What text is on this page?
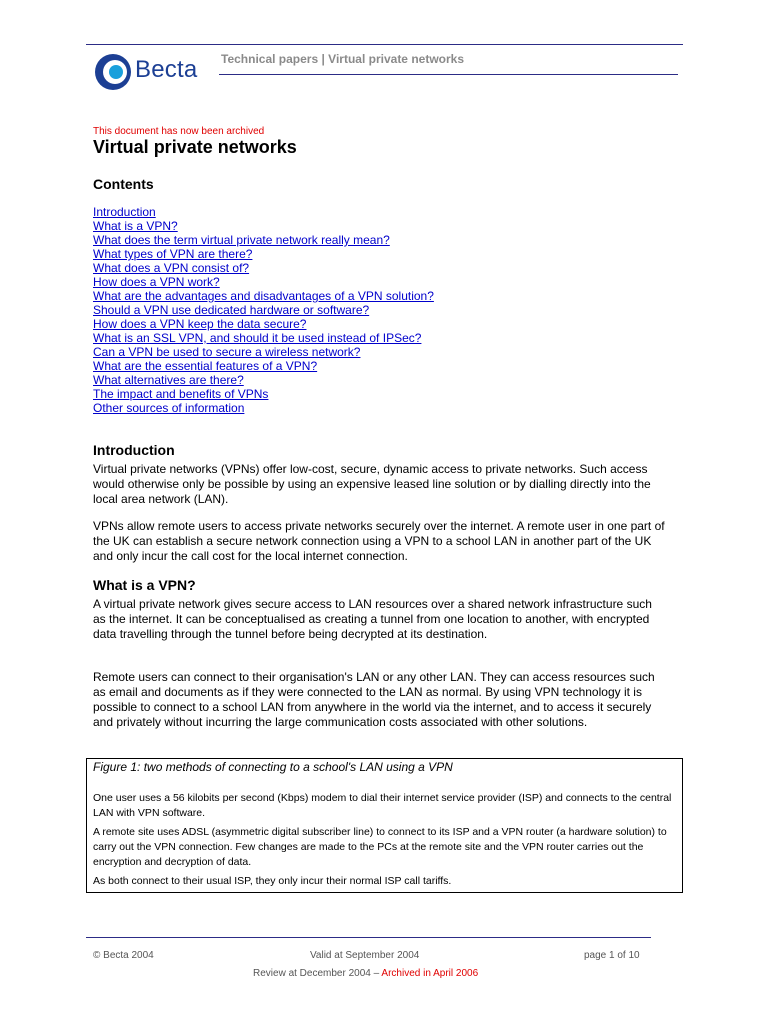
Becta Technical papers | Virtual private networks
This document has now been archived
Virtual private networks
Contents
Introduction
What is a VPN?
What does the term virtual private network really mean?
What types of VPN are there?
What does a VPN consist of?
How does a VPN work?
What are the advantages and disadvantages of a VPN solution?
Should a VPN use dedicated hardware or software?
How does a VPN keep the data secure?
What is an SSL VPN, and should it be used instead of IPSec?
Can a VPN be used to secure a wireless network?
What are the essential features of a VPN?
What alternatives are there?
The impact and benefits of VPNs
Other sources of information
Introduction

Virtual private networks (VPNs) offer low-cost, secure, dynamic access to private networks. Such access would otherwise only be possible by using an expensive leased line solution or by dialling directly into the local area network (LAN).

VPNs allow remote users to access private networks securely over the internet. A remote user in one part of the UK can establish a secure network connection using a VPN to a school LAN in another part of the UK and only incur the call cost for the local internet connection.

What is a VPN?

A virtual private network gives secure access to LAN resources over a shared network infrastructure such as the internet. It can be conceptualised as creating a tunnel from one location to another, with encrypted data travelling through the tunnel before being decrypted at its destination.

Remote users can connect to their organisation's LAN or any other LAN. They can access resources such as email and documents as if they were connected to the LAN as normal. By using VPN technology it is possible to connect to a school LAN from anywhere in the world via the internet, and to access it securely and privately without incurring the large communication costs associated with other solutions.

Figure 1: two methods of connecting to a school's LAN using a VPN

One user uses a 56 kilobits per second (Kbps) modem to dial their internet service provider (ISP) and connects to the central LAN with VPN software.

A remote site uses ADSL (asymmetric digital subscriber line) to connect to its ISP and a VPN router (a hardware solution) to carry out the VPN connection. Few changes are made to the PCs at the remote site and the VPN router carries out the encryption and decryption of data.

As both connect to their usual ISP, they only incur their normal ISP call tariffs.

© Becta 2004	Valid at September 2004	page 1 of 10
Review at December 2004 – Archived in April 2006
